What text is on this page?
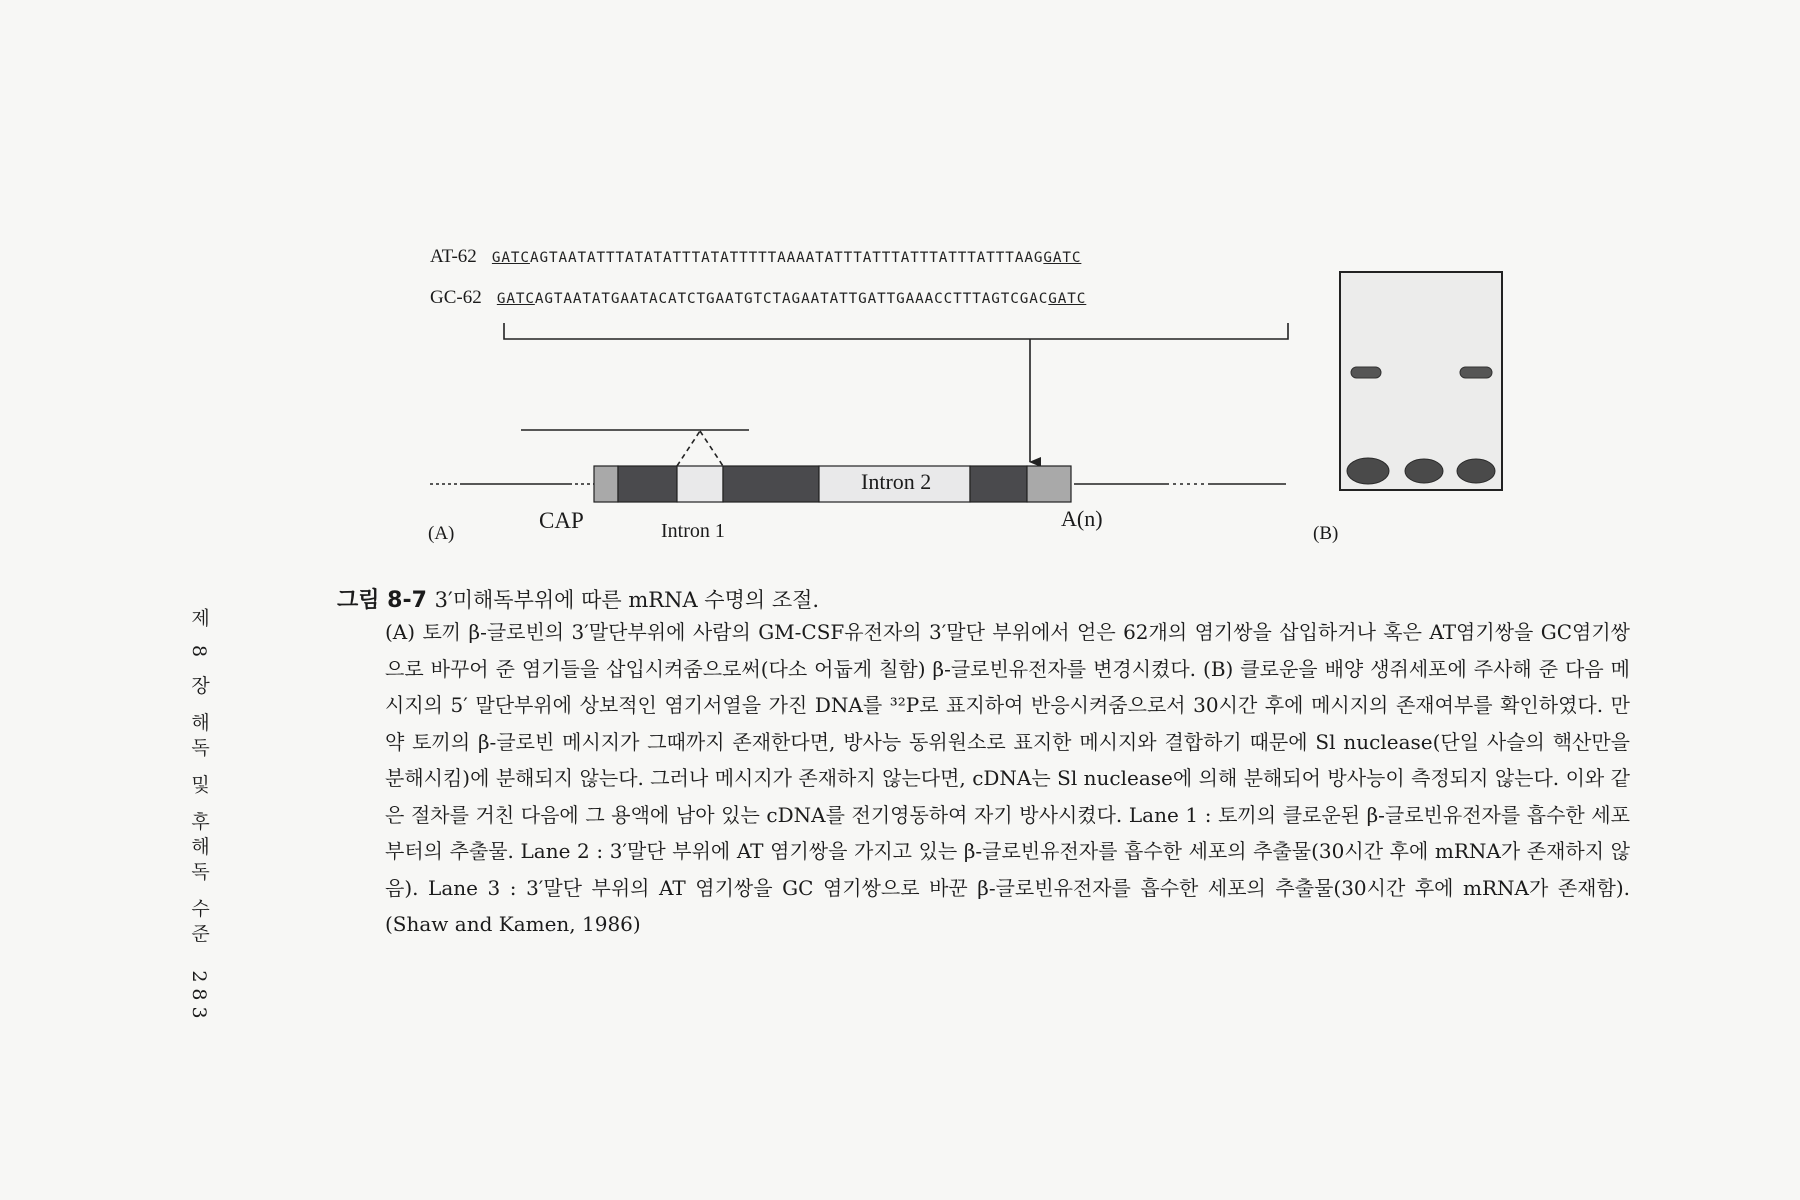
AT-62 GATCAGTAATATTTATATATTTATATTTTTAAAATATTTATTTATTTATTTATTTAAGGATC
GC-62 GATCAGTAATATGAATACATCTGAATGTCTAGAATATTGATTGAAACCTTTAGTCGACGATC
Intron 2
CAP	Intron 1	A(n)
(A)	(B)
그림 8-7 3′미해독부위에 따른 mRNA 수명의 조절.
(A) 토끼 β-글로빈의 3′말단부위에 사람의 GM-CSF유전자의 3′말단 부위에서 얻은 62개의 염기쌍을 삽입하거나 혹은 AT염기쌍을 GC염기쌍으로 바꾸어 준 염기들을 삽입시켜줌으로써(다소 어둡게 칠함) β-글로빈유전자를 변경시켰다. (B) 클로운을 배양 생쥐세포에 주사해 준 다음 메시지의 5′ 말단부위에 상보적인 염기서열을 가진 DNA를 ³²P로 표지하여 반응시켜줌으로서 30시간 후에 메시지의 존재여부를 확인하였다. 만약 토끼의 β-글로빈 메시지가 그때까지 존재한다면, 방사능 동위원소로 표지한 메시지와 결합하기 때문에 Sl nuclease(단일 사슬의 핵산만을 분해시킴)에 분해되지 않는다. 그러나 메시지가 존재하지 않는다면, cDNA는 Sl nuclease에 의해 분해되어 방사능이 측정되지 않는다. 이와 같은 절차를 거친 다음에 그 용액에 남아 있는 cDNA를 전기영동하여 자기 방사시켰다. Lane 1 : 토끼의 클로운된 β-글로빈유전자를 흡수한 세포부터의 추출물. Lane 2 : 3′말단 부위에 AT 염기쌍을 가지고 있는 β-글로빈유전자를 흡수한 세포의 추출물(30시간 후에 mRNA가 존재하지 않음). Lane 3 : 3′말단 부위의 AT 염기쌍을 GC 염기쌍으로 바꾼 β-글로빈유전자를 흡수한 세포의 추출물(30시간 후에 mRNA가 존재함). (Shaw and Kamen, 1986)
제 8 장 해독 및 후해독 수준283
